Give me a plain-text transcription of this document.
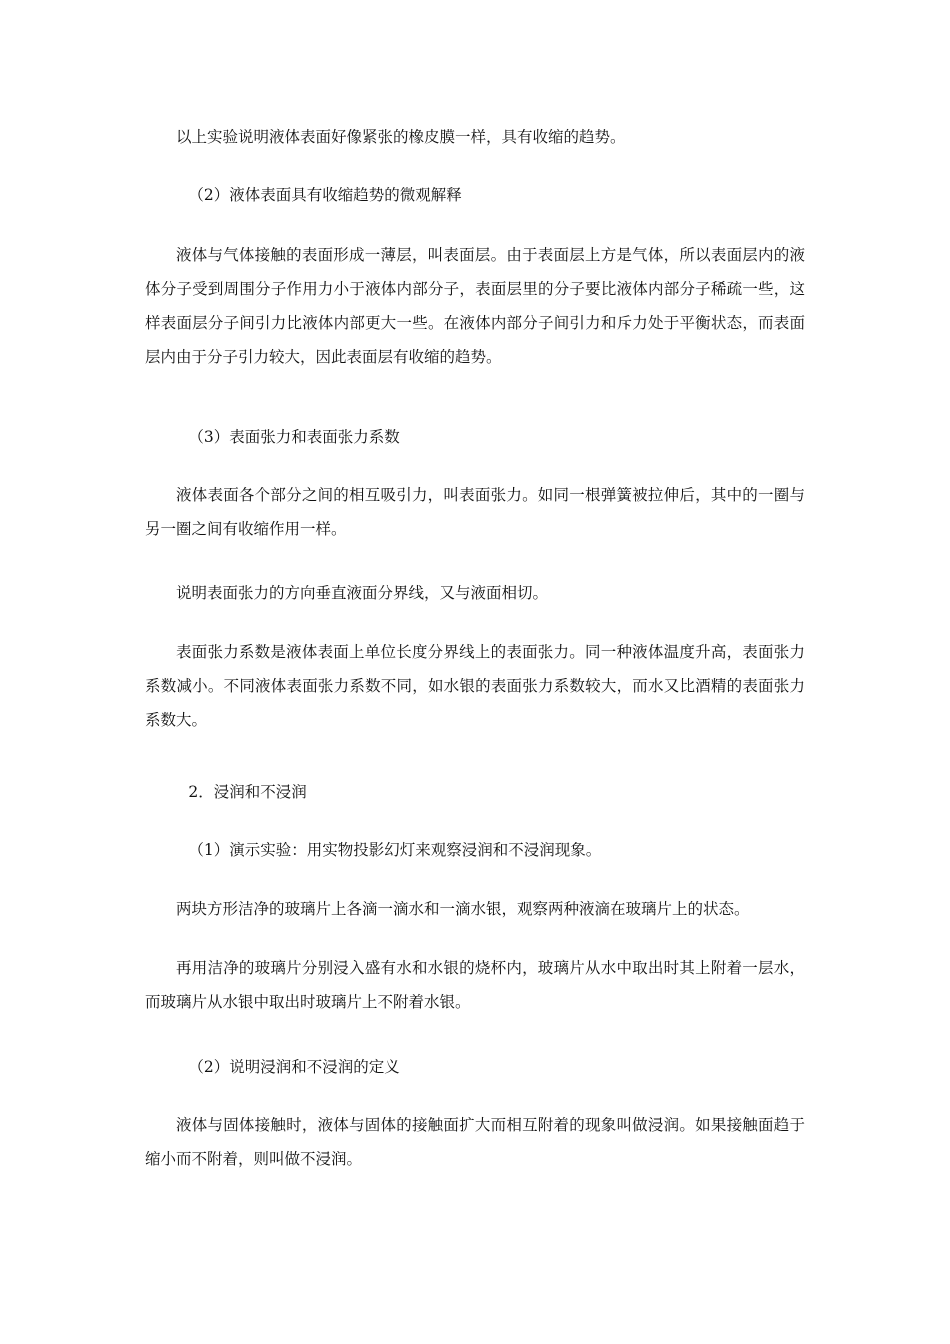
以上实验说明液体表面好像紧张的橡皮膜一样，具有收缩的趋势。

（2）液体表面具有收缩趋势的微观解释

液体与气体接触的表面形成一薄层，叫表面层。由于表面层上方是气体，所以表面层内的液体分子受到周围分子作用力小于液体内部分子，表面层里的分子要比液体内部分子稀疏一些，这样表面层分子间引力比液体内部更大一些。在液体内部分子间引力和斥力处于平衡状态，而表面层内由于分子引力较大，因此表面层有收缩的趋势。

（3）表面张力和表面张力系数

液体表面各个部分之间的相互吸引力，叫表面张力。如同一根弹簧被拉伸后，其中的一圈与另一圈之间有收缩作用一样。

说明表面张力的方向垂直液面分界线，又与液面相切。

表面张力系数是液体表面上单位长度分界线上的表面张力。同一种液体温度升高，表面张力系数减小。不同液体表面张力系数不同，如水银的表面张力系数较大，而水又比酒精的表面张力系数大。

2．浸润和不浸润

（1）演示实验：用实物投影幻灯来观察浸润和不浸润现象。

两块方形洁净的玻璃片上各滴一滴水和一滴水银，观察两种液滴在玻璃片上的状态。

再用洁净的玻璃片分别浸入盛有水和水银的烧杯内，玻璃片从水中取出时其上附着一层水，而玻璃片从水银中取出时玻璃片上不附着水银。

（2）说明浸润和不浸润的定义

液体与固体接触时，液体与固体的接触面扩大而相互附着的现象叫做浸润。如果接触面趋于缩小而不附着，则叫做不浸润。
